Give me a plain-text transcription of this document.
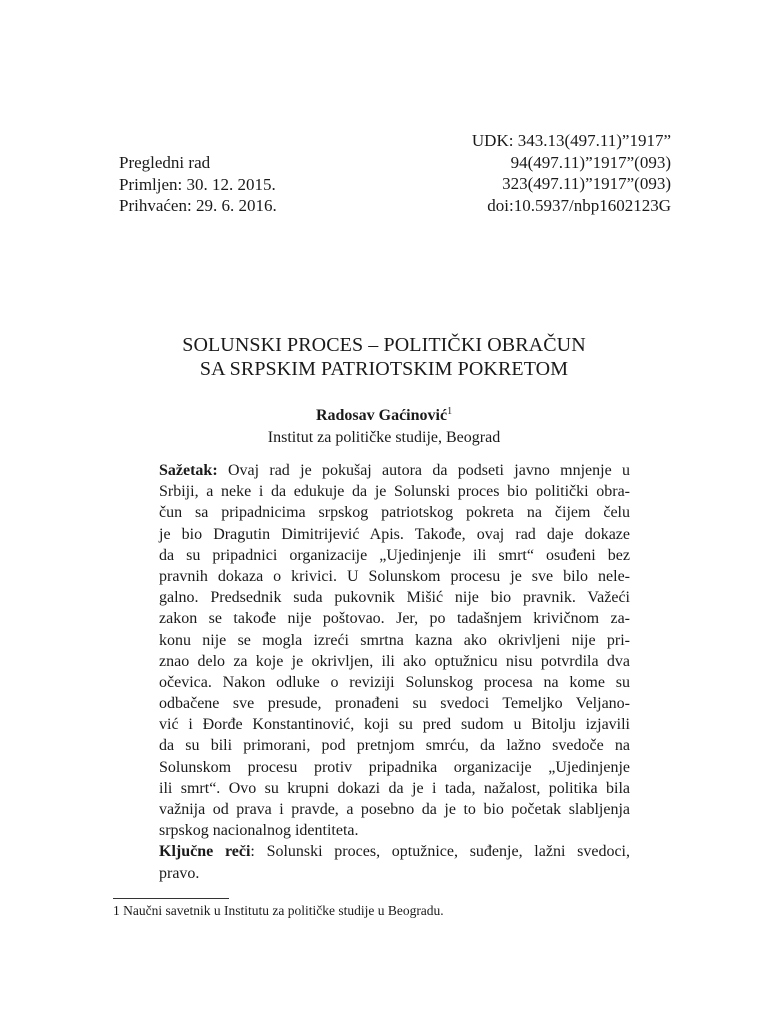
Pregledni rad
Primljen: 30. 12. 2015.
Prihvaćen: 29. 6. 2016.
UDK: 343.13(497.11)”1917”
94(497.11)”1917”(093)
323(497.11)”1917”(093)
doi:10.5937/nbp1602123G
SOLUNSKI PROCES – POLITIČKI OBRAČUN
SA SRPSKIM PATRIOTSKIM POKRETOM
Radosav Gaćinović$^1$
Institut za političke studije, Beograd
Sažetak: Ovaj rad je pokušaj autora da podseti javno mnjenje u
Srbiji, a neke i da edukuje da je Solunski proces bio politički obra-
čun sa pripadnicima srpskog patriotskog pokreta na čijem čelu
je bio Dragutin Dimitrijević Apis. Takođe, ovaj rad daje dokaze
da su pripadnici organizacije „Ujedinjenje ili smrt“ osuđeni bez
pravnih dokaza o krivici. U Solunskom procesu je sve bilo nele-
galno. Predsednik suda pukovnik Mišić nije bio pravnik. Važeći
zakon se takođe nije poštovao. Jer, po tadašnjem krivičnom za-
konu nije se mogla izreći smrtna kazna ako okrivljeni nije pri-
znao delo za koje je okrivljen, ili ako optužnicu nisu potvrdila dva
očevica. Nakon odluke o reviziji Solunskog procesa na kome su
odbačene sve presude, pronađeni su svedoci Temeljko Veljano-
vić i Đorđe Konstantinović, koji su pred sudom u Bitolju izjavili
da su bili primorani, pod pretnjom smrću, da lažno svedoče na
Solunskom procesu protiv pripadnika organizacije „Ujedinjenje
ili smrt“. Ovo su krupni dokazi da je i tada, nažalost, politika bila
važnija od prava i pravde, a posebno da je to bio početak slabljenja
srpskog nacionalnog identiteta.
Ključne reči: Solunski proces, optužnice, suđenje, lažni svedoci,
pravo.
1 Naučni savetnik u Institutu za političke studije u Beogradu.
